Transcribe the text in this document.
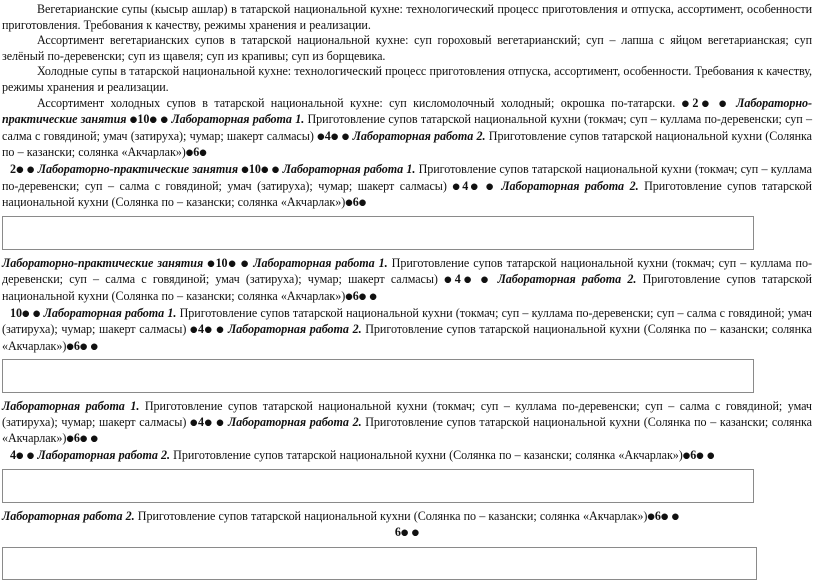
Вегетарианские супы (кысыр ашлар) в татарской национальной кухне: технологический процесс приготовления и отпуска, ассортимент, особенности приготовления. Требования к качеству, режимы хранения и реализации.

Ассортимент вегетарианских супов в татарской национальной кухне: суп гороховый вегетарианский; суп – лапша с яйцом вегетарианская; суп зелёный по-деревенски; суп из щавеля; суп из крапивы; суп из борщевика.

Холодные супы в татарской национальной кухне: технологический процесс приготовления отпуска, ассортимент, особенности. Требования к качеству, режимы хранения и реализации.

Ассортимент холодных супов в татарской национальной кухне: суп кисломолочный холодный; окрошка по-татарски. ●2● ● Лабораторно-практические занятия ●10● ● Лабораторная работа 1. Приготовление супов татарской национальной кухни (токмач; суп – куллама по-деревенски; суп – салма с говядиной; умач (затируха); чумар; шакерт салмасы) ●4● ● Лабораторная работа 2. Приготовление супов татарской национальной кухни (Солянка по – казански; солянка «Акчарлак»)●6●

2● ● Лабораторно-практические занятия ●10● ● Лабораторная работа 1. Приготовление супов татарской национальной кухни (токмач; суп – куллама по-деревенски; суп – салма с говядиной; умач (затируха); чумар; шакерт салмасы) ●4● ● Лабораторная работа 2. Приготовление супов татарской национальной кухни (Солянка по – казански; солянка «Акчарлак»)●6●

Лабораторно-практические занятия ●10● ● Лабораторная работа 1. Приготовление супов татарской национальной кухни (токмач; суп – куллама по-деревенски; суп – салма с говядиной; умач (затируха); чумар; шакерт салмасы) ●4● ● Лабораторная работа 2. Приготовление супов татарской национальной кухни (Солянка по – казански; солянка «Акчарлак»)●6● ●

10● ● Лабораторная работа 1. Приготовление супов татарской национальной кухни (токмач; суп – куллама по-деревенски; суп – салма с говядиной; умач (затируха); чумар; шакерт салмасы) ●4● ● Лабораторная работа 2. Приготовление супов татарской национальной кухни (Солянка по – казански; солянка «Акчарлак»)●6● ●

Лабораторная работа 1. Приготовление супов татарской национальной кухни (токмач; суп – куллама по-деревенски; суп – салма с говядиной; умач (затируха); чумар; шакерт салмасы) ●4● ● Лабораторная работа 2. Приготовление супов татарской национальной кухни (Солянка по – казански; солянка «Акчарлак»)●6● ●

4● ● Лабораторная работа 2. Приготовление супов татарской национальной кухни (Солянка по – казански; солянка «Акчарлак»)●6● ●

Лабораторная работа 2. Приготовление супов татарской национальной кухни (Солянка по – казански; солянка «Акчарлак»)●6● ●

6● ●
